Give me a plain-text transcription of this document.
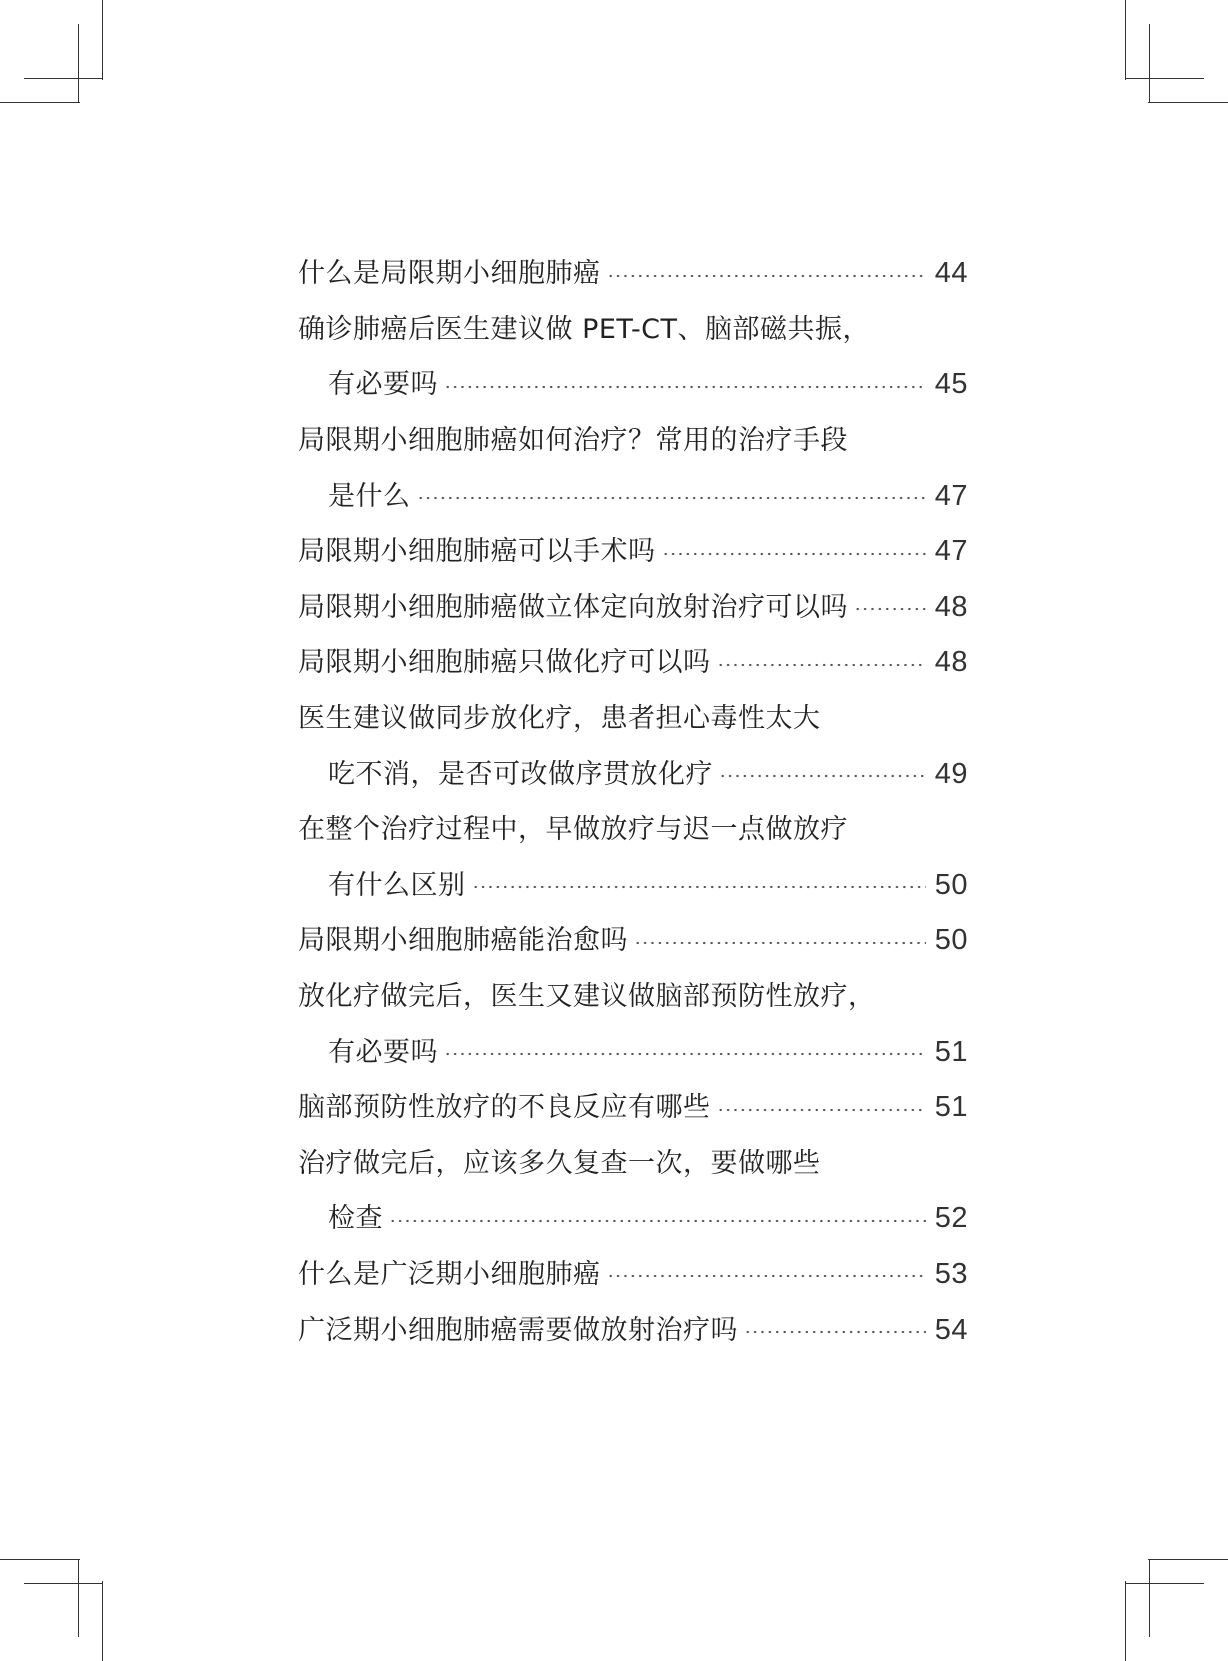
什么是局限期小细胞肺癌	44
确诊肺癌后医生建议做 PET-CT、脑部磁共振，
有必要吗	45
局限期小细胞肺癌如何治疗？常用的治疗手段
是什么	47
局限期小细胞肺癌可以手术吗	47
局限期小细胞肺癌做立体定向放射治疗可以吗	48
局限期小细胞肺癌只做化疗可以吗	48
医生建议做同步放化疗，患者担心毒性太大
吃不消，是否可改做序贯放化疗	49
在整个治疗过程中，早做放疗与迟一点做放疗
有什么区别	50
局限期小细胞肺癌能治愈吗	50
放化疗做完后，医生又建议做脑部预防性放疗，
有必要吗	51
脑部预防性放疗的不良反应有哪些	51
治疗做完后，应该多久复查一次，要做哪些
检查	52
什么是广泛期小细胞肺癌	53
广泛期小细胞肺癌需要做放射治疗吗	54
